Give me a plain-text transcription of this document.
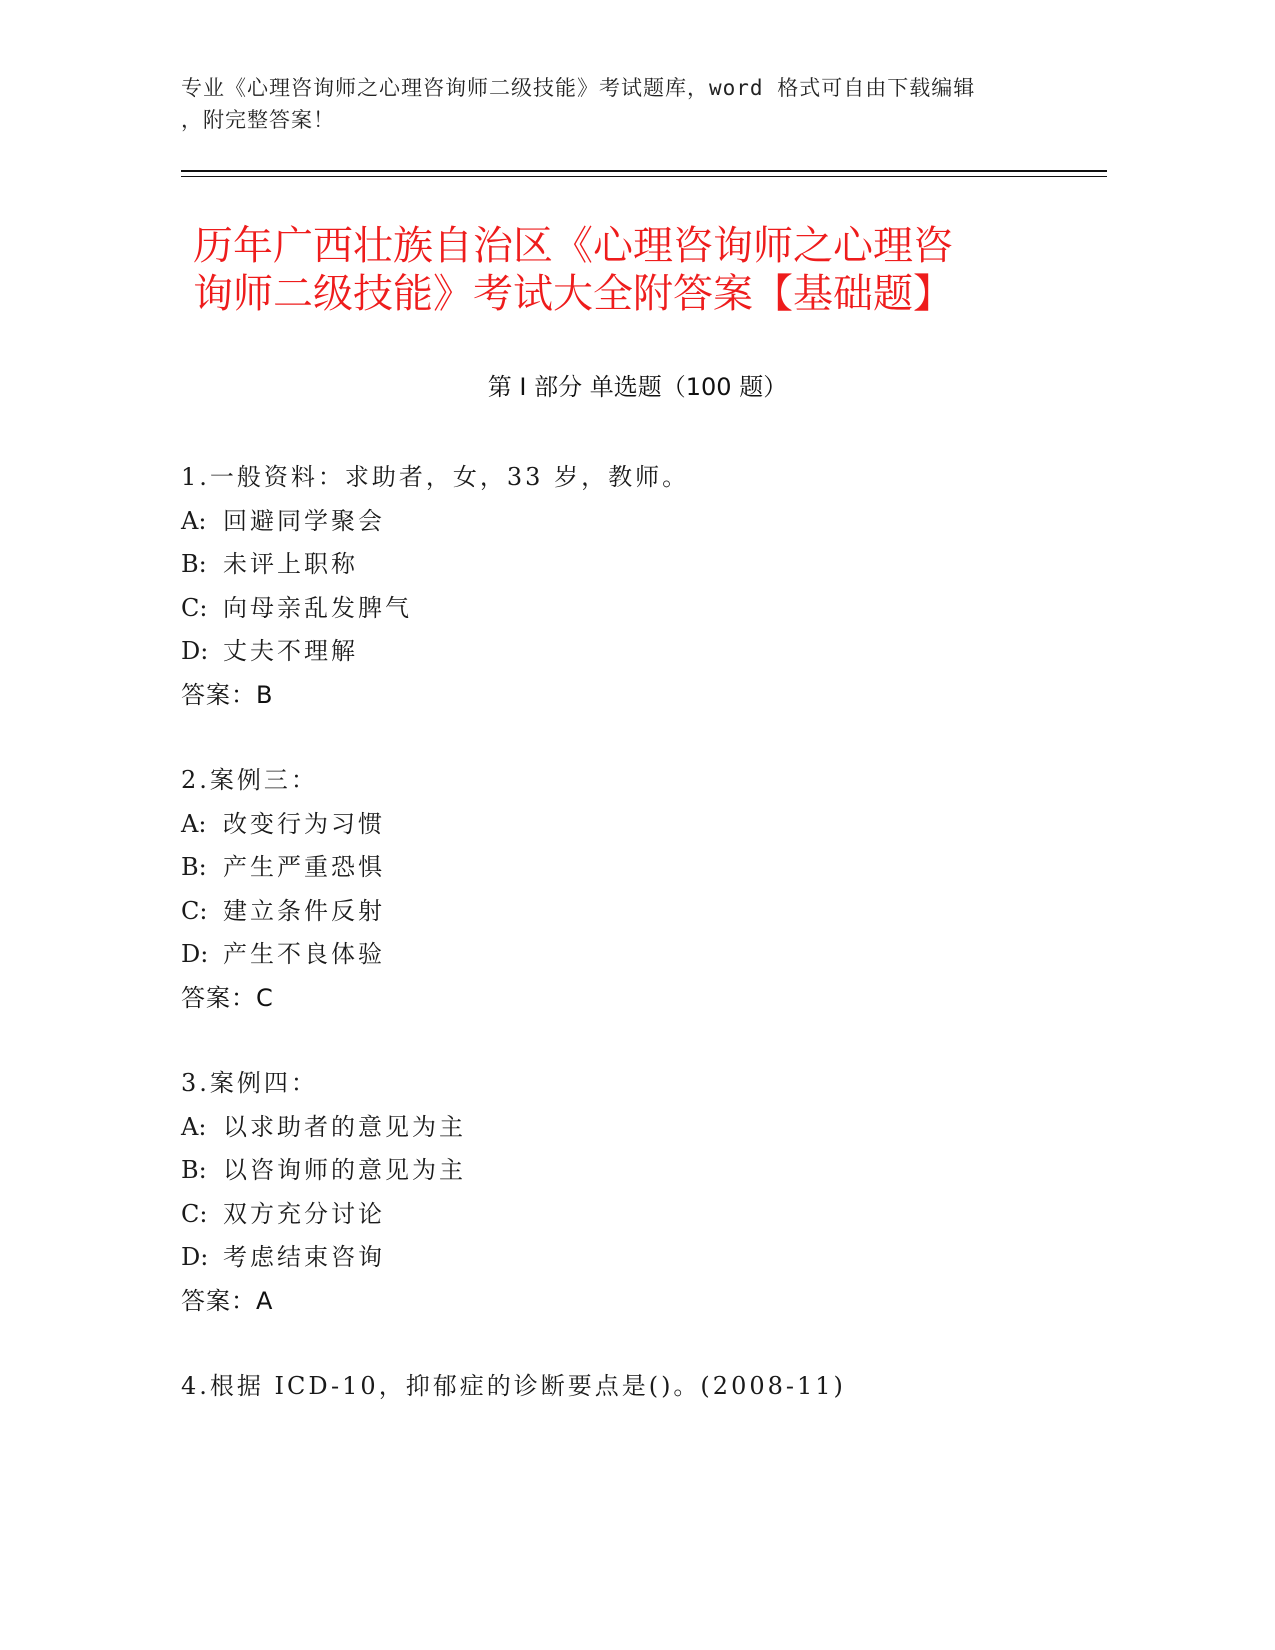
专业《心理咨询师之心理咨询师二级技能》考试题库，word 格式可自由下载编辑
，附完整答案！
历年广西壮族自治区《心理咨询师之心理咨
询师二级技能》考试大全附答案【基础题】
第 I 部分 单选题（100 题）
1.一般资料：求助者，女，33 岁，教师。
A: 回避同学聚会
B: 未评上职称
C: 向母亲乱发脾气
D: 丈夫不理解
答案：B
2.案例三：
A: 改变行为习惯
B: 产生严重恐惧
C: 建立条件反射
D: 产生不良体验
答案：C
3.案例四：
A: 以求助者的意见为主
B: 以咨询师的意见为主
C: 双方充分讨论
D: 考虑结束咨询
答案：A
4.根据 ICD-10，抑郁症的诊断要点是()。(2008-11)
